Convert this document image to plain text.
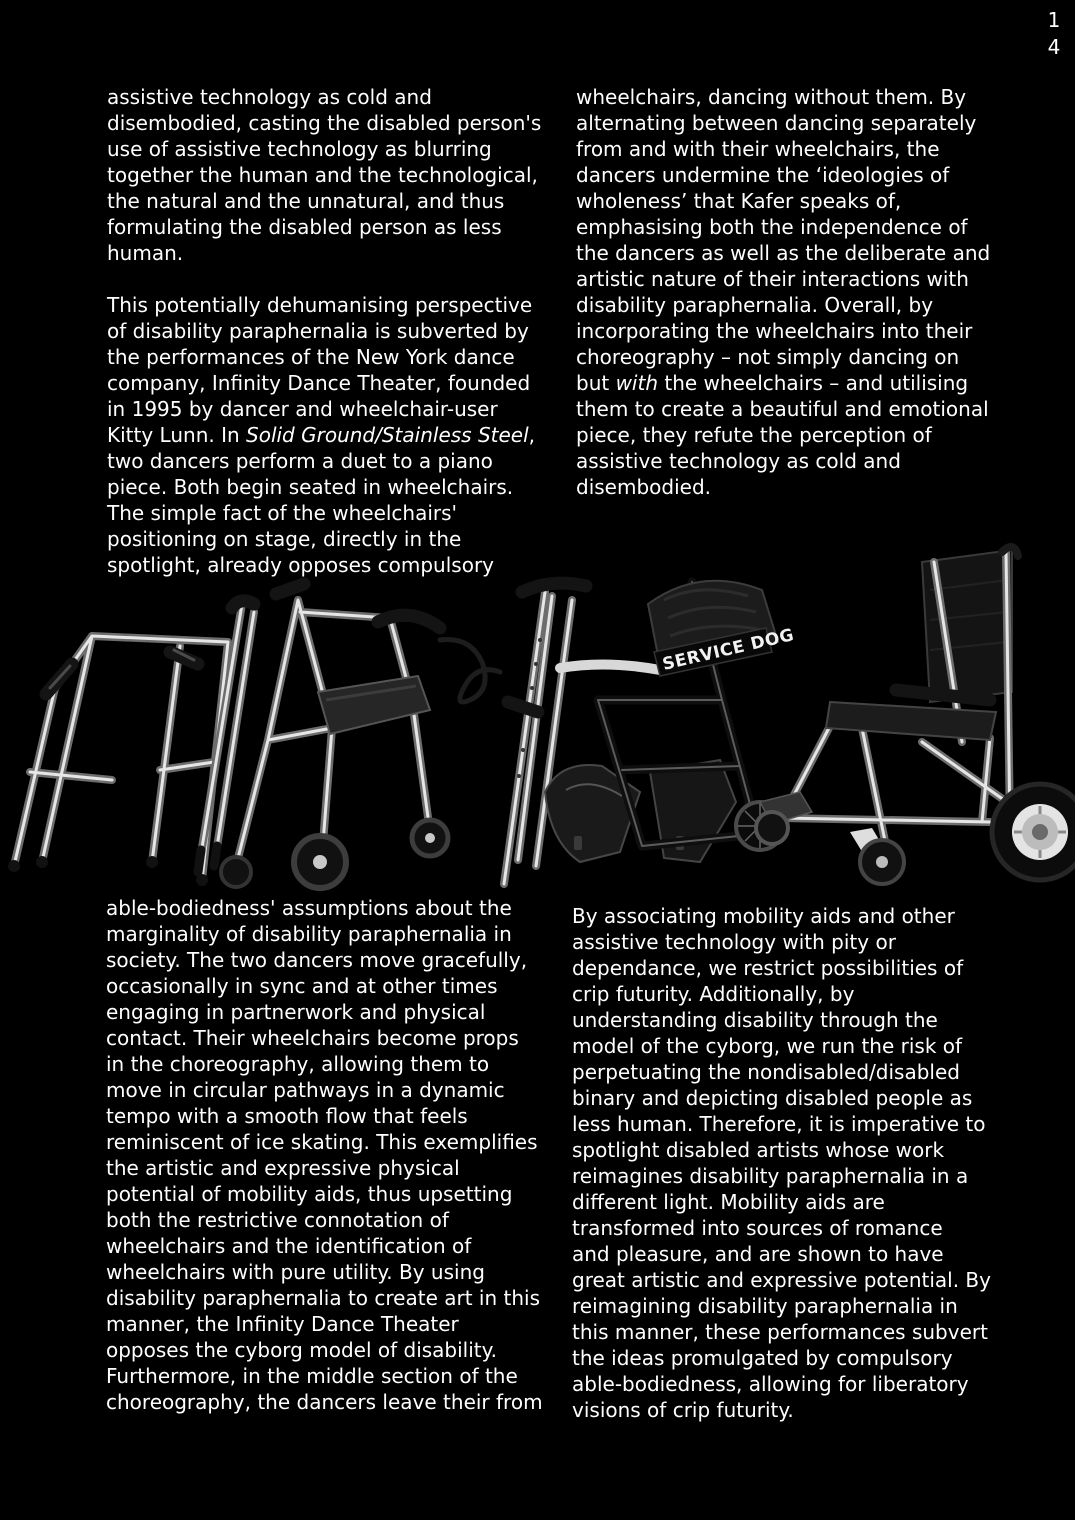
1
4
SERVICE DOG
assistive technology as cold and
disembodied, casting the disabled person's
use of assistive technology as blurring
together the human and the technological,
the natural and the unnatural, and thus
formulating the disabled person as less
human.
This potentially dehumanising perspective
of disability paraphernalia is subverted by
the performances of the New York dance
company, Infinity Dance Theater, founded
in 1995 by dancer and wheelchair-user
Kitty Lunn. In Solid Ground/Stainless Steel,
two dancers perform a duet to a piano
piece. Both begin seated in wheelchairs.
The simple fact of the wheelchairs'
positioning on stage, directly in the
spotlight, already opposes compulsory
wheelchairs, dancing without them. By
alternating between dancing separately
from and with their wheelchairs, the
dancers undermine the ‘ideologies of
wholeness’ that Kafer speaks of,
emphasising both the independence of
the dancers as well as the deliberate and
artistic nature of their interactions with
disability paraphernalia. Overall, by
incorporating the wheelchairs into their
choreography – not simply dancing on
but with the wheelchairs – and utilising
them to create a beautiful and emotional
piece, they refute the perception of
assistive technology as cold and
disembodied.
able-bodiedness' assumptions about the
marginality of disability paraphernalia in
society. The two dancers move gracefully,
occasionally in sync and at other times
engaging in partnerwork and physical
contact. Their wheelchairs become props
in the choreography, allowing them to
move in circular pathways in a dynamic
tempo with a smooth flow that feels
reminiscent of ice skating. This exemplifies
the artistic and expressive physical
potential of mobility aids, thus upsetting
both the restrictive connotation of
wheelchairs and the identification of
wheelchairs with pure utility. By using
disability paraphernalia to create art in this
manner, the Infinity Dance Theater
opposes the cyborg model of disability.
Furthermore, in the middle section of the
choreography, the dancers leave their from
By associating mobility aids and other
assistive technology with pity or
dependance, we restrict possibilities of
crip futurity. Additionally, by
understanding disability through the
model of the cyborg, we run the risk of
perpetuating the nondisabled/disabled
binary and depicting disabled people as
less human. Therefore, it is imperative to
spotlight disabled artists whose work
reimagines disability paraphernalia in a
different light. Mobility aids are
transformed into sources of romance
and pleasure, and are shown to have
great artistic and expressive potential. By
reimagining disability paraphernalia in
this manner, these performances subvert
the ideas promulgated by compulsory
able-bodiedness, allowing for liberatory
visions of crip futurity.
